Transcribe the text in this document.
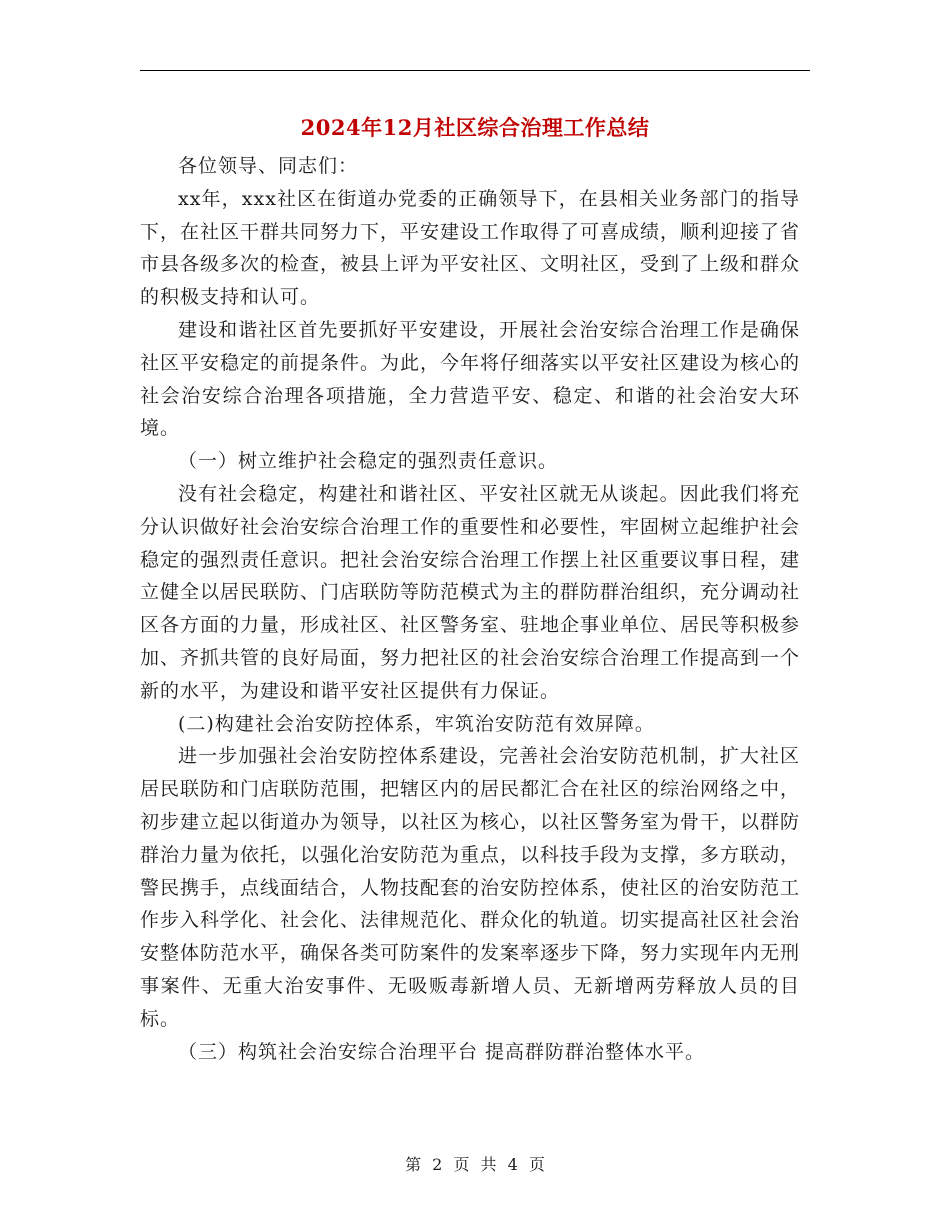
2024年12月社区综合治理工作总结

各位领导、同志们：

xx年，xxx社区在街道办党委的正确领导下，在县相关业务部门的指导下，在社区干群共同努力下，平安建设工作取得了可喜成绩，顺利迎接了省市县各级多次的检查，被县上评为平安社区、文明社区，受到了上级和群众的积极支持和认可。

建设和谐社区首先要抓好平安建设，开展社会治安综合治理工作是确保社区平安稳定的前提条件。为此，今年将仔细落实以平安社区建设为核心的社会治安综合治理各项措施，全力营造平安、稳定、和谐的社会治安大环境。

（一）树立维护社会稳定的强烈责任意识。

没有社会稳定，构建社和谐社区、平安社区就无从谈起。因此我们将充分认识做好社会治安综合治理工作的重要性和必要性，牢固树立起维护社会稳定的强烈责任意识。把社会治安综合治理工作摆上社区重要议事日程，建立健全以居民联防、门店联防等防范模式为主的群防群治组织，充分调动社区各方面的力量，形成社区、社区警务室、驻地企事业单位、居民等积极参加、齐抓共管的良好局面，努力把社区的社会治安综合治理工作提高到一个新的水平，为建设和谐平安社区提供有力保证。

(二)构建社会治安防控体系，牢筑治安防范有效屏障。

进一步加强社会治安防控体系建设，完善社会治安防范机制，扩大社区居民联防和门店联防范围，把辖区内的居民都汇合在社区的综治网络之中，初步建立起以街道办为领导，以社区为核心，以社区警务室为骨干，以群防群治力量为依托，以强化治安防范为重点，以科技手段为支撑，多方联动，警民携手，点线面结合，人物技配套的治安防控体系，使社区的治安防范工作步入科学化、社会化、法律规范化、群众化的轨道。切实提高社区社会治安整体防范水平，确保各类可防案件的发案率逐步下降，努力实现年内无刑事案件、无重大治安事件、无吸贩毒新增人员、无新增两劳释放人员的目标。

（三）构筑社会治安综合治理平台 提高群防群治整体水平。

第 2 页 共 4 页
